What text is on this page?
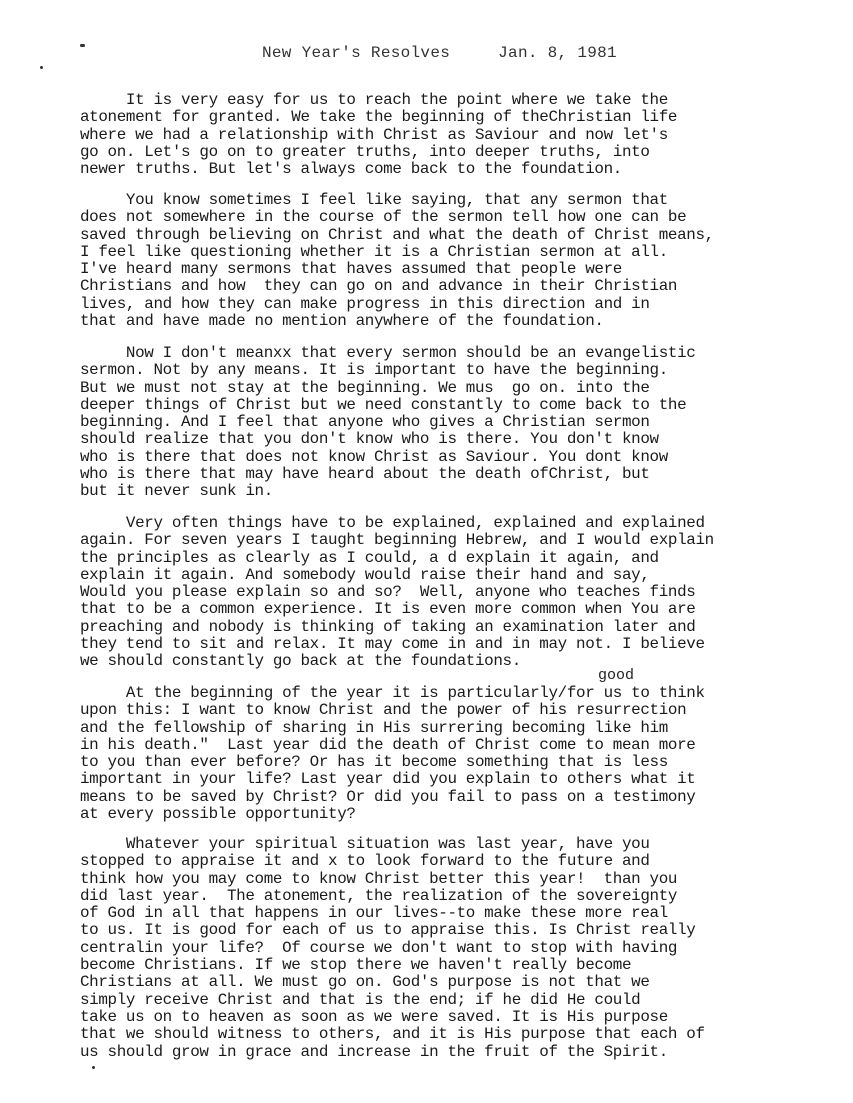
New Year's Resolves	Jan. 8, 1981
It is very easy for us to reach the point where we take the
atonement for granted. We take the beginning of theChristian life
where we had a relationship with Christ as Saviour and now let's
go on. Let's go on to greater truths, into deeper truths, into
newer truths. But let's always come back to the foundation.
You know sometimes I feel like saying, that any sermon that
does not somewhere in the course of the sermon tell how one can be
saved through believing on Christ and what the death of Christ means,
I feel like questioning whether it is a Christian sermon at all.
I've heard many sermons that haves assumed that people were
Christians and how  they can go on and advance in their Christian
lives, and how they can make progress in this direction and in
that and have made no mention anywhere of the foundation.
Now I don't meanxx that every sermon should be an evangelistic
sermon. Not by any means. It is important to have the beginning.
But we must not stay at the beginning. We mus  go on. into the
deeper things of Christ but we need constantly to come back to the
beginning. And I feel that anyone who gives a Christian sermon
should realize that you don't know who is there. You don't know
who is there that does not know Christ as Saviour. You dont know
who is there that may have heard about the death ofChrist, but
but it never sunk in.
Very often things have to be explained, explained and explained
again. For seven years I taught beginning Hebrew, and I would explain
the principles as clearly as I could, a d explain it again, and
explain it again. And somebody would raise their hand and say,
Would you please explain so and so?  Well, anyone who teaches finds
that to be a common experience. It is even more common when You are
preaching and nobody is thinking of taking an examination later and
they tend to sit and relax. It may come in and in may not. I believe
we should constantly go back at the foundations.
good
At the beginning of the year it is particularly/for us to think
upon this: I want to know Christ and the power of his resurrection
and the fellowship of sharing in His surrering becoming like him
in his death."  Last year did the death of Christ come to mean more
to you than ever before? Or has it become something that is less
important in your life? Last year did you explain to others what it
means to be saved by Christ? Or did you fail to pass on a testimony
at every possible opportunity?
Whatever your spiritual situation was last year, have you
stopped to appraise it and x to look forward to the future and
think how you may come to know Christ better this year!  than you
did last year.  The atonement, the realization of the sovereignty
of God in all that happens in our lives--to make these more real
to us. It is good for each of us to appraise this. Is Christ really
centralin your life?  Of course we don't want to stop with having
become Christians. If we stop there we haven't really become
Christians at all. We must go on. God's purpose is not that we
simply receive Christ and that is the end; if he did He could
take us on to heaven as soon as we were saved. It is His purpose
that we should witness to others, and it is His purpose that each of
us should grow in grace and increase in the fruit of the Spirit.
